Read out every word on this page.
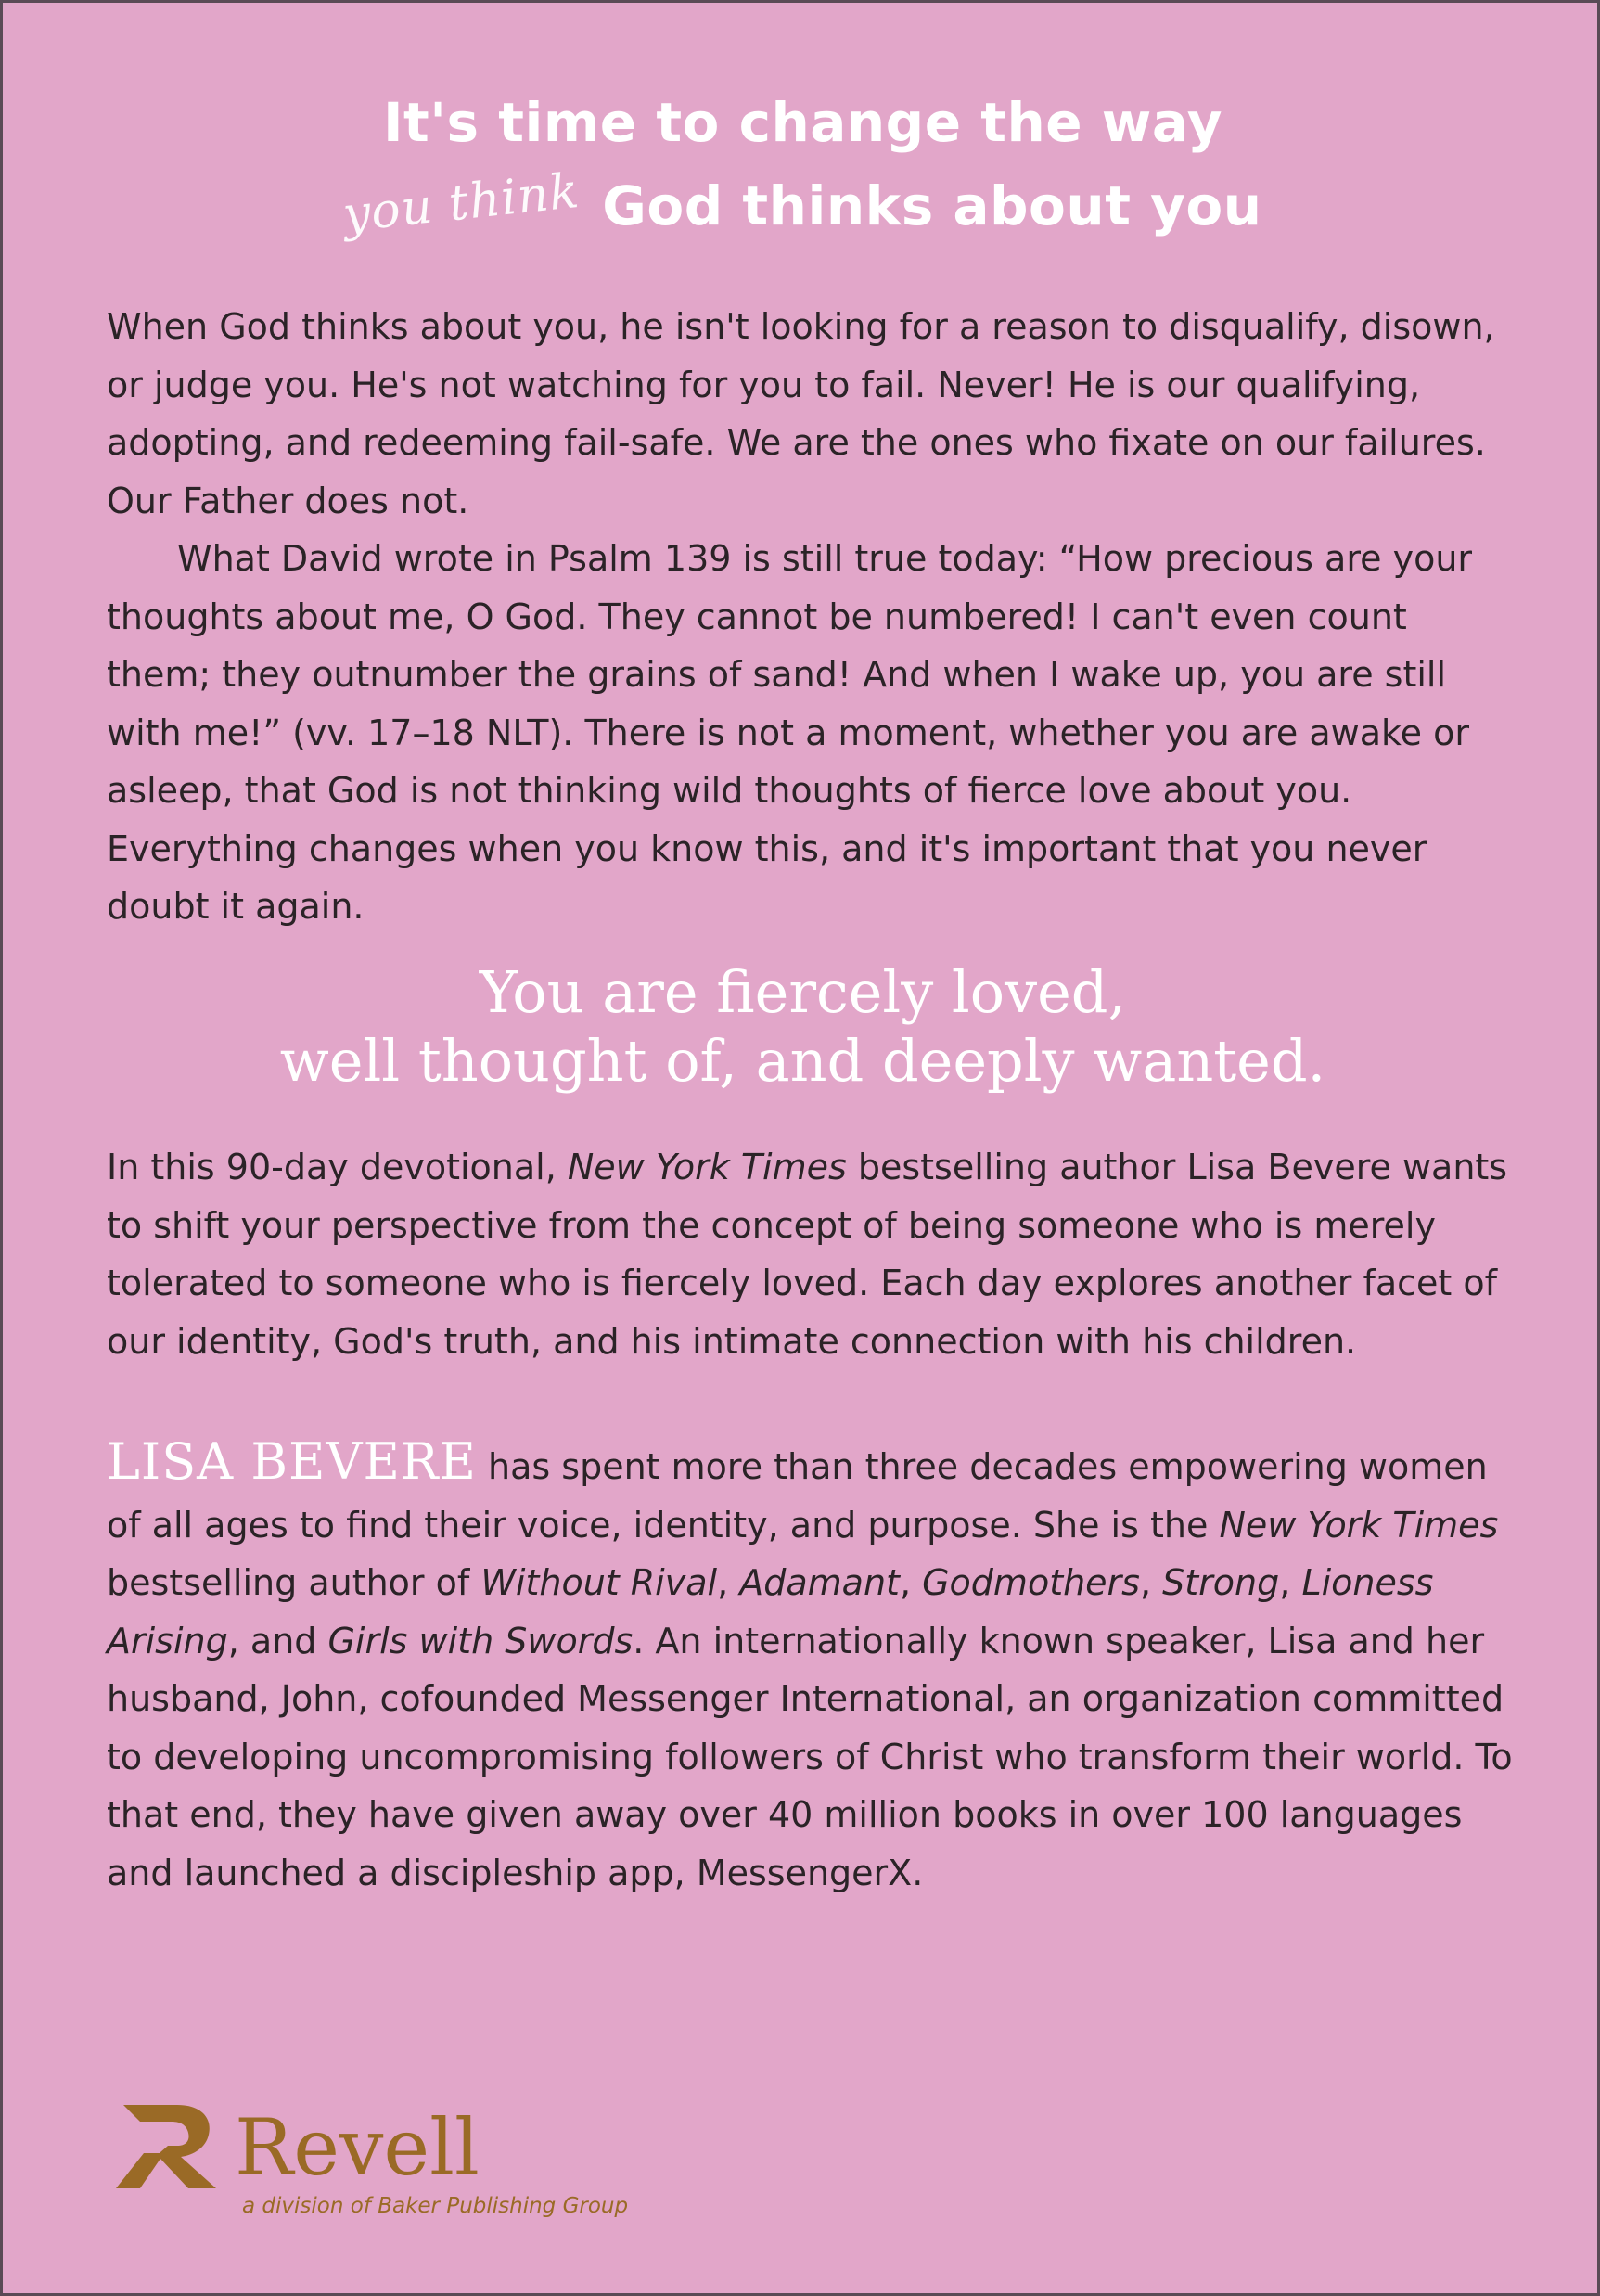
It's time to change the way
you think God thinks about you

When God thinks about you, he isn't looking for a reason to disqualify, disown, or judge you. He's not watching for you to fail. Never! He is our qualifying, adopting, and redeeming fail-safe. We are the ones who fixate on our failures. Our Father does not.

What David wrote in Psalm 139 is still true today: “How precious are your thoughts about me, O God. They cannot be numbered! I can't even count them; they outnumber the grains of sand! And when I wake up, you are still with me!” (vv. 17–18 NLT). There is not a moment, whether you are awake or asleep, that God is not thinking wild thoughts of fierce love about you. Everything changes when you know this, and it's important that you never doubt it again.

You are fiercely loved,
well thought of, and deeply wanted.

In this 90-day devotional, New York Times bestselling author Lisa Bevere wants to shift your perspective from the concept of being someone who is merely tolerated to someone who is fiercely loved. Each day explores another facet of our identity, God's truth, and his intimate connection with his children.

LISA BEVERE has spent more than three decades empowering women of all ages to find their voice, identity, and purpose. She is the New York Times bestselling author of Without Rival, Adamant, Godmothers, Strong, Lioness Arising, and Girls with Swords. An internationally known speaker, Lisa and her husband, John, cofounded Messenger International, an organization committed to developing uncompromising followers of Christ who transform their world. To that end, they have given away over 40 million books in over 100 languages and launched a discipleship app, MessengerX.

Revell
a division of Baker Publishing Group
